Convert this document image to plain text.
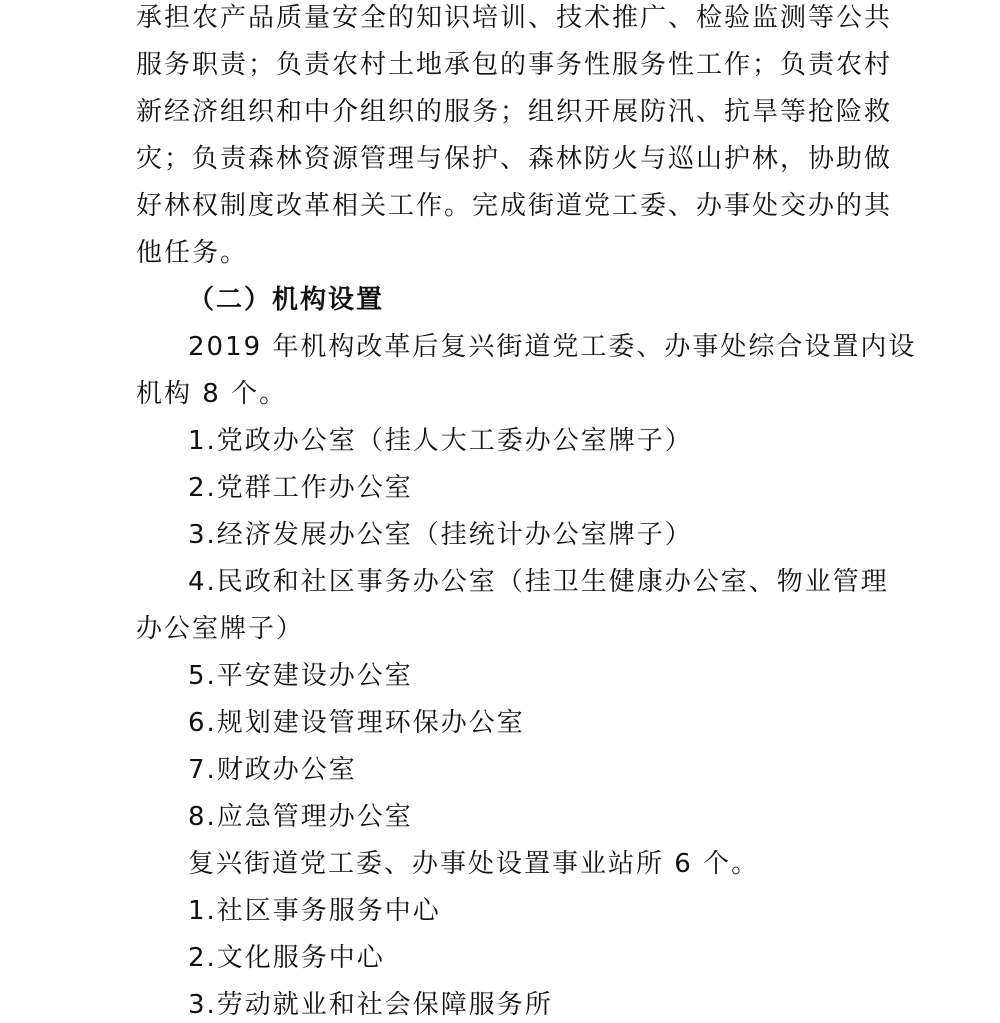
承担农产品质量安全的知识培训、技术推广、检验监测等公共
服务职责；负责农村土地承包的事务性服务性工作；负责农村
新经济组织和中介组织的服务；组织开展防汛、抗旱等抢险救
灾；负责森林资源管理与保护、森林防火与巡山护林，协助做
好林权制度改革相关工作。完成街道党工委、办事处交办的其
他任务。
（二）机构设置
2019 年机构改革后复兴街道党工委、办事处综合设置内设
机构 8 个。
1.党政办公室（挂人大工委办公室牌子）
2.党群工作办公室
3.经济发展办公室（挂统计办公室牌子）
4.民政和社区事务办公室（挂卫生健康办公室、物业管理
办公室牌子）
5.平安建设办公室
6.规划建设管理环保办公室
7.财政办公室
8.应急管理办公室
复兴街道党工委、办事处设置事业站所 6 个。
1.社区事务服务中心
2.文化服务中心
3.劳动就业和社会保障服务所
